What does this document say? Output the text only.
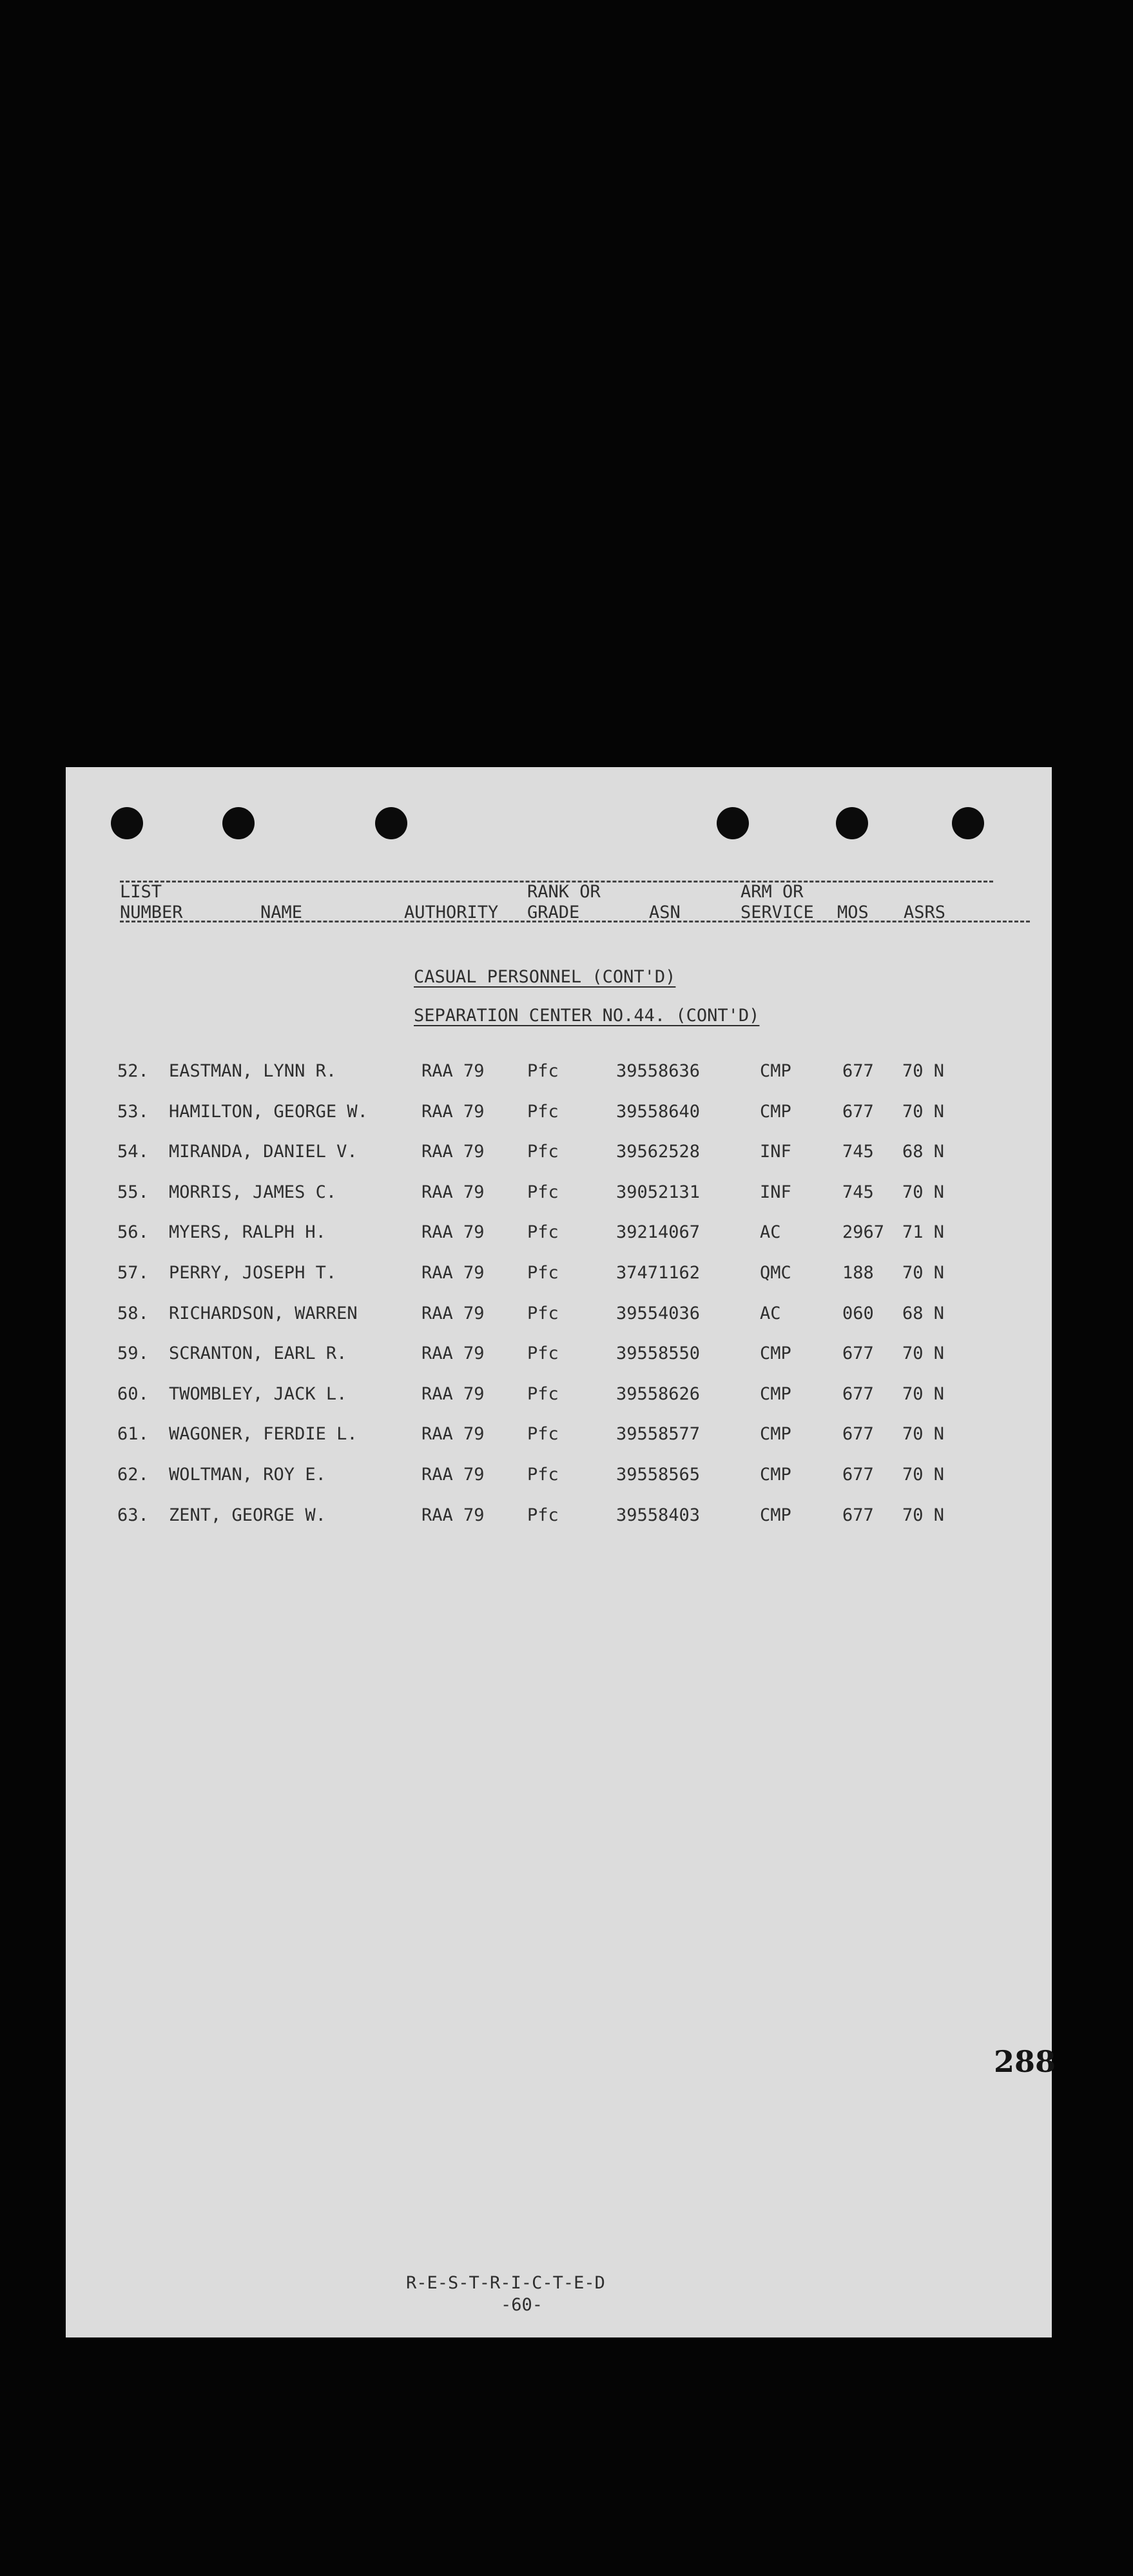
LIST
NUMBER	NAME	AUTHORITY
RANK OR
GRADE	ASN
ARM OR
SERVICE MOS ASRS
CASUAL PERSONNEL (CONT'D)
SEPARATION CENTER NO.44. (CONT'D)
52. EASTMAN, LYNN R.	RAA 79 Pfc	39558636	CMP	677 70 N
53. HAMILTON, GEORGE W.	RAA 79 Pfc	39558640	CMP	677 70 N
54. MIRANDA, DANIEL V.	RAA 79 Pfc	39562528	INF	745 68 N
55. MORRIS, JAMES C.	RAA 79 Pfc	39052131	INF	745 70 N
56. MYERS, RALPH H.	RAA 79 Pfc	39214067	AC	2967 71 N
57. PERRY, JOSEPH T.	RAA 79 Pfc	37471162	QMC	188 70 N
58. RICHARDSON, WARREN	RAA 79 Pfc	39554036	AC	060 68 N
59. SCRANTON, EARL R.	RAA 79 Pfc	39558550	CMP	677 70 N
60. TWOMBLEY, JACK L.	RAA 79 Pfc	39558626	CMP	677 70 N
61. WAGONER, FERDIE L.	RAA 79 Pfc	39558577	CMP	677 70 N
62. WOLTMAN, ROY E.	RAA 79 Pfc	39558565	CMP	677 70 N
63. ZENT, GEORGE W.	RAA 79 Pfc	39558403	CMP	677 70 N
288
R-E-S-T-R-I-C-T-E-D
-60-
